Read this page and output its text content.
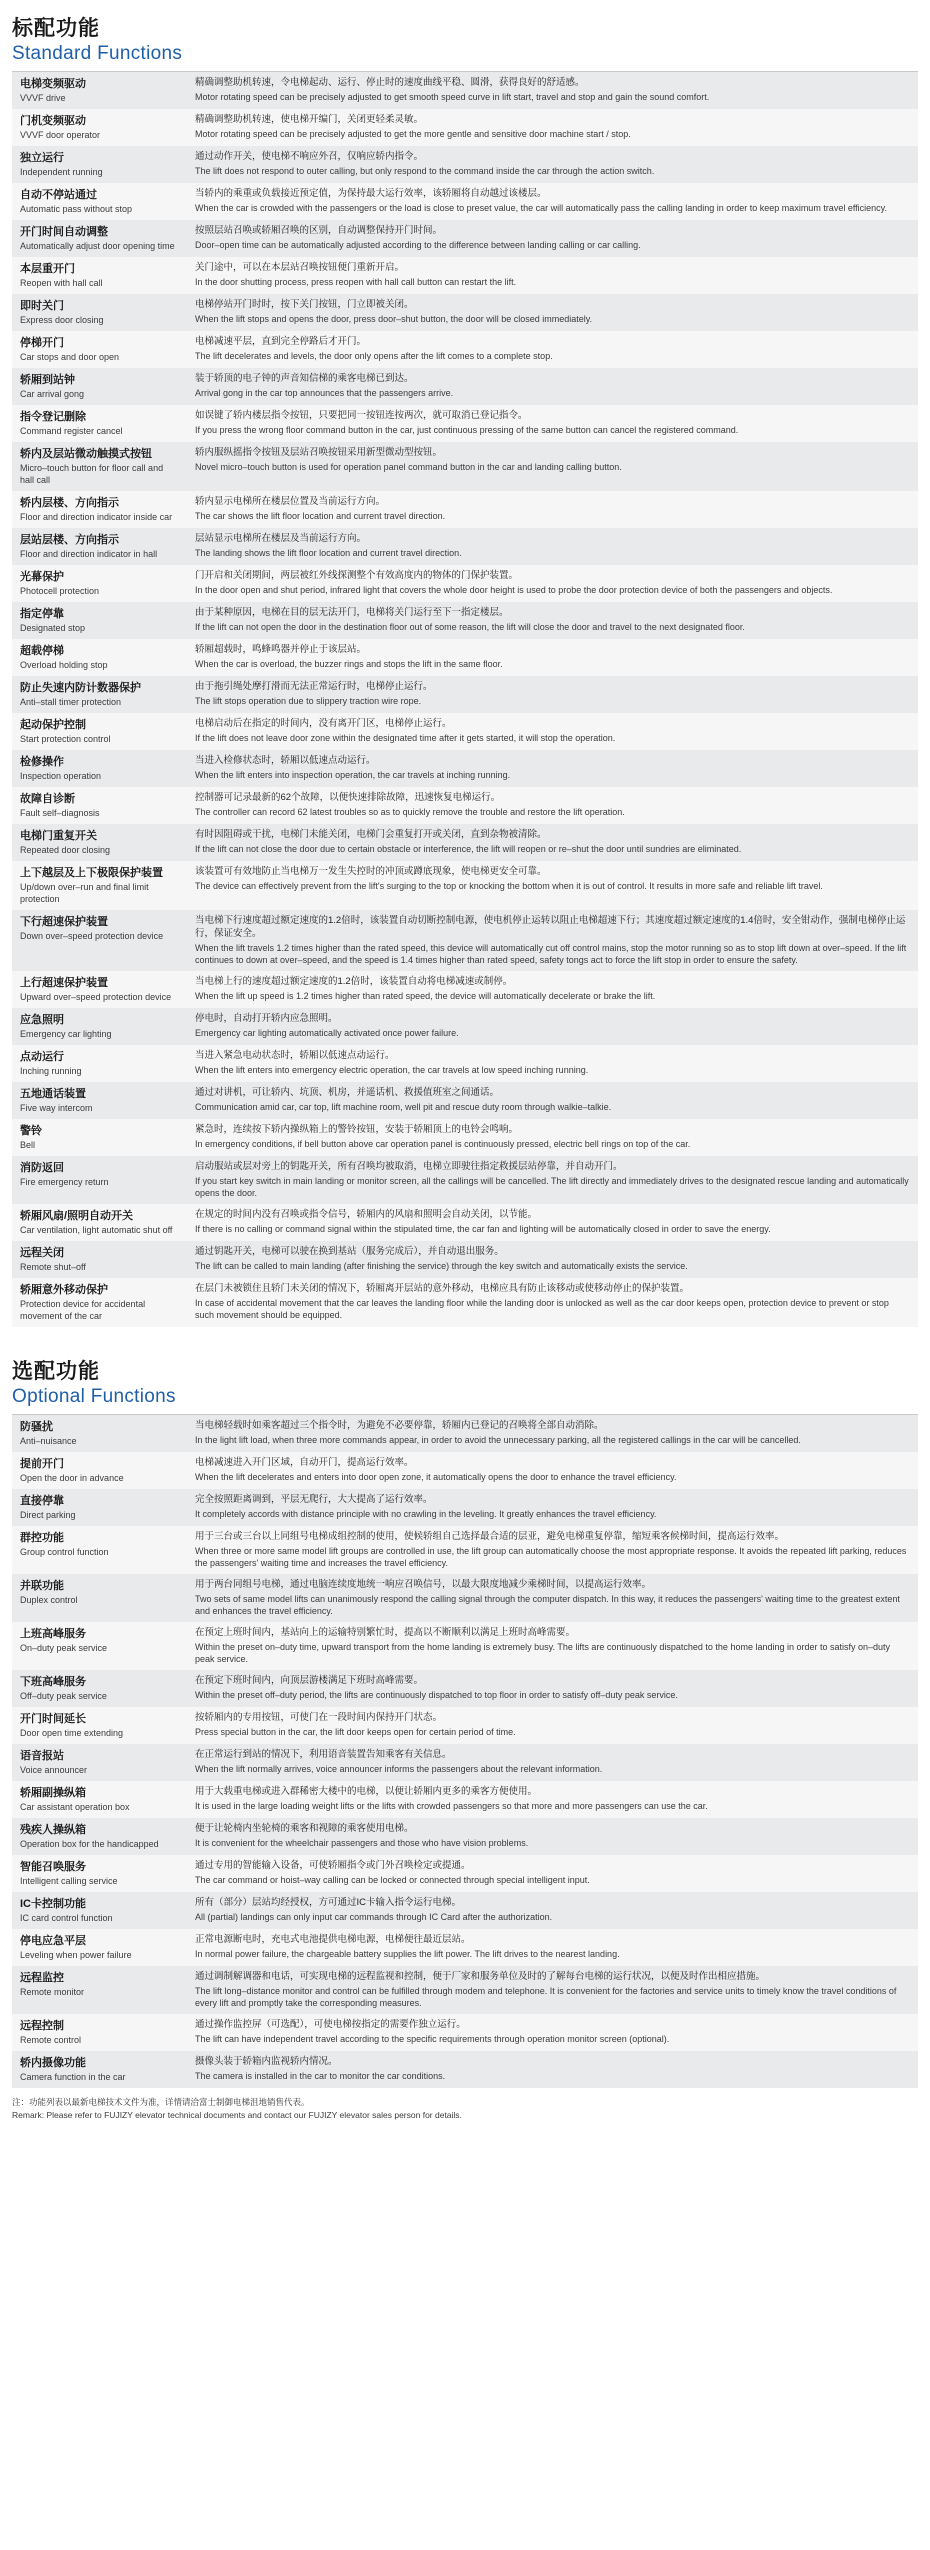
标配功能
Standard Functions
电梯变频驱动
VVVF drive	精确调整助机转速，令电梯起动、运行、停止时的速度曲线平稳、圆滑，获得良好的舒适感。
Motor rotating speed can be precisely adjusted to get smooth speed curve in lift start, travel and stop and gain the sound comfort.

门机变频驱动
VVVF door operator	精确调整助机转速，使电梯开编门，关闭更轻柔灵敏。
Motor rotating speed can be precisely adjusted to get the more gentle and sensitive door machine start / stop.

独立运行
Independent running	通过动作开关，使电梯不响应外召，仅响应轿内指令。
The lift does not respond to outer calling, but only respond to the command inside the car through the action switch.

自动不停站通过
Automatic pass without stop	当轿内的乘重或负载接近预定值，为保持最大运行效率，该轿厢将自动越过该楼层。
When the car is crowded with the passengers or the load is close to preset value, the car will automatically pass the calling landing in order to keep maximum travel efficiency.

开门时间自动调整
Automatically adjust door opening time	按照层站召唤或轿厢召唤的区别，自动调整保持开门时间。
Door–open time can be automatically adjusted according to the difference between landing calling or car calling.

本层重开门
Reopen with hall call	关门途中，可以在本层站召唤按钮便门重新开启。
In the door shutting process, press reopen with hall call button can restart the lift.

即时关门
Express door closing	电梯停站开门时时，按下关门按钮，门立即被关闭。
When the lift stops and opens the door, press door–shut button, the door will be closed immediately.

停梯开门
Car stops and door open	电梯减速平层，直到完全停路后才开门。
The lift decelerates and levels, the door only opens after the lift comes to a complete stop.

轿厢到站钟
Car arrival gong	装于轿顶的电子钟的声音知信梯的乘客电梯已到达。
Arrival gong in the car top announces that the passengers arrive.

指令登记删除
Command register cancel	如误键了轿内楼层指令按钮，只要把同一按钮连按两次，就可取消已登记指令。
If you press the wrong floor command button in the car, just continuous pressing of the same button can cancel the registered command.

轿内及层站微动触摸式按钮
Micro–touch button for floor call and hall call	轿内服纵摇指令按钮及层站召唤按钮采用新型微动型按钮。
Novel micro–touch button is used for operation panel command button in the car and landing calling button.

轿内层楼、方向指示
Floor and direction indicator inside car	轿内显示电梯所在楼层位置及当前运行方向。
The car shows the lift floor location and current travel direction.

层站层楼、方向指示
Floor and direction indicator in hall	层站显示电梯所在楼层及当前运行方向。
The landing shows the lift floor location and current travel direction.

光幕保护
Photocell protection	门开启和关闭期间，两层被红外线探测整个有效高度内的物体的门保护装置。
In the door open and shut period, infrared light that covers the whole door height is used to probe the door protection device of both the passengers and objects.

指定停靠
Designated stop	由于某种原因，电梯在目的层无法开门，电梯将关门运行至下一指定楼层。
If the lift can not open the door in the destination floor out of some reason, the lift will close the door and travel to the next designated floor.

超载停梯
Overload holding stop	轿厢超载时，鸣蜂鸣器并停止于该层站。
When the car is overload, the buzzer rings and stops the lift in the same floor.

防止失速内防计数器保护
Anti–stall timer protection	由于拖引绳处摩打滑而无法正常运行时，电梯停止运行。
The lift stops operation due to slippery traction wire rope.

起动保护控制
Start protection control	电梯启动后在指定的时间内，没有离开门区，电梯停止运行。
If the lift does not leave door zone within the designated time after it gets started, it will stop the operation.

检修操作
Inspection operation	当进入检修状态时，轿厢以低速点动运行。
When the lift enters into inspection operation, the car travels at inching running.

故障自诊断
Fault self–diagnosis	控制器可记录最新的62个故障，以便快速排除故障，迅速恢复电梯运行。
The controller can record 62 latest troubles so as to quickly remove the trouble and restore the lift operation.

电梯门重复开关
Repeated door closing	有时因阻碍或干扰，电梯门未能关闭，电梯门会重复打开或关闭，直到杂物被清除。
If the lift can not close the door due to certain obstacle or interference, the lift will reopen or re–shut the door until sundries are eliminated.

上下越层及上下极限保护装置
Up/down over–run and final limit protection	该装置可有效地防止当电梯万一发生失控时的冲顶或蹲底现象，使电梯更安全可靠。
The device can effectively prevent from the lift's surging to the top or knocking the bottom when it is out of control. It results in more safe and reliable lift travel.

下行超速保护装置
Down over–speed protection device	当电梯下行速度超过额定速度的1.2倍时，该装置自动切断控制电源，使电机停止运转以阻止电梯超速下行；其速度超过额定速度的1.4倍时，安全钳动作，强制电梯停止运行，保证安全。
When the lift travels 1.2 times higher than the rated speed, this device will automatically cut off control mains, stop the motor running so as to stop lift down at over–speed. If the lift continues to down at over–speed, and the speed is 1.4 times higher than rated speed, safety tongs act to force the lift stop in order to ensure the safety.

上行超速保护装置
Upward over–speed protection device	当电梯上行的速度超过额定速度的1.2倍时，该装置自动将电梯减速或制停。
When the lift up speed is 1.2 times higher than rated speed, the device will automatically decelerate or brake the lift.

应急照明
Emergency car lighting	停电时，自动打开轿内应急照明。
Emergency car lighting automatically activated once power failure.

点动运行
Inching running	当进入紧急电动状态时，轿厢以低速点动运行。
When the lift enters into emergency electric operation, the car travels at low speed inching running.

五地通话装置
Five way intercom	通过对讲机，可让轿内、坑顶、机房，并遥话机、救援值班室之间通话。
Communication amid car, car top, lift machine room, well pit and rescue duty room through walkie–talkie.

警铃
Bell	紧急时，连续按下轿内操纵箱上的警铃按钮，安装于轿厢顶上的电铃会鸣响。
In emergency conditions, if bell button above car operation panel is continuously pressed, electric bell rings on top of the car.

消防返回
Fire emergency return	启动服站或层对旁上的钥匙开关，所有召唤均被取消，电梯立即驶往指定救援层站停靠，并自动开门。
If you start key switch in main landing or monitor screen, all the callings will be cancelled. The lift directly and immediately drives to the designated rescue landing and automatically opens the door.

轿厢风扇/照明自动开关
Car ventilation, light automatic shut off	在规定的时间内没有召唤或指令信号，轿厢内的风扇和照明会自动关闭，以节能。
If there is no calling or command signal within the stipulated time, the car fan and lighting will be automatically closed in order to save the energy.

远程关闭
Remote shut–off	通过钥匙开关，电梯可以驶在换到基站（服务完成后），并自动退出服务。
The lift can be called to main landing (after finishing the service) through the key switch and automatically exists the service.

轿厢意外移动保护
Protection device for accidental movement of the car	在层门未被锁住且轿门未关闭的情况下，轿厢离开层站的意外移动，电梯应具有防止该移动或使移动停止的保护装置。
In case of accidental movement that the car leaves the landing floor while the landing door is unlocked as well as the car door keeps open, protection device to prevent or stop such movement should be equipped.
选配功能
Optional Functions
防骚扰
Anti–nuisance	当电梯轻载时如乘客超过三个指令时，为避免不必要停靠，轿厢内已登记的召唤将全部自动消除。
In the light lift load, when three more commands appear, in order to avoid the unnecessary parking, all the registered callings in the car will be cancelled.

提前开门
Open the door in advance	电梯减速进入开门区域，自动开门，提高运行效率。
When the lift decelerates and enters into door open zone, it automatically opens the door to enhance the travel efficiency.

直接停靠
Direct parking	完全按照距离调到，平层无爬行，大大提高了运行效率。
It completely accords with distance principle with no crawling in the leveling. It greatly enhances the travel efficiency.

群控功能
Group control function	用于三台或三台以上同组号电梯成组控制的使用，使候轿组自己选择最合适的层亚，避免电梯重复停靠，缩短乘客候梯时间，提高运行效率。
When three or more same model lift groups are controlled in use, the lift group can automatically choose the most appropriate response. It avoids the repeated lift parking, reduces the passengers' waiting time and increases the travel efficiency.

并联功能
Duplex control	用于两台同组号电梯，通过电脑连续度地统一响应召唤信号，以最大限度地减少乘梯时间，以提高运行效率。
Two sets of same model lifts can unanimously respond the calling signal through the computer dispatch. In this way, it reduces the passengers' waiting time to the greatest extent and enhances the travel efficiency.

上班高峰服务
On–duty peak service	在预定上班时间内，基站向上的运输特别繁忙时，提高以不断顺利以满足上班时高峰需要。
Within the preset on–duty time, upward transport from the home landing is extremely busy. The lifts are continuously dispatched to the home landing in order to satisfy on–duty peak service.

下班高峰服务
Off–duty peak service	在预定下班时间内，向顶层游楼满足下班时高峰需要。
Within the preset off–duty period, the lifts are continuously dispatched to top floor in order to satisfy off–duty peak service.

开门时间延长
Door open time extending	按轿厢内的专用按钮，可使门在一段时间内保持开门状态。
Press special button in the car, the lift door keeps open for certain period of time.

语音报站
Voice announcer	在正常运行到站的情况下，利用语音装置告知乘客有关信息。
When the lift normally arrives, voice announcer informs the passengers about the relevant information.

轿厢副操纵箱
Car assistant operation box	用于大载重电梯或进入群稀密大楼中的电梯，以便让轿厢内更多的乘客方便使用。
It is used in the large loading weight lifts or the lifts with crowded passengers so that more and more passengers can use the car.

残疾人操纵箱
Operation box for the handicapped	便于让轮椅内坐轮椅的乘客和视障的乘客使用电梯。
It is convenient for the wheelchair passengers and those who have vision problems.

智能召唤服务
Intelligent calling service	通过专用的智能输入设备，可使轿厢指令或门外召唤检定或提通。
The car command or hoist–way calling can be locked or connected through special intelligent input.

IC卡控制功能
IC card control function	所有（部分）层站均经授权，方可通过IC卡输入指令运行电梯。
All (partial) landings can only input car commands through IC Card after the authorization.

停电应急平层
Leveling when power failure	正常电源断电时，充电式电池提供电梯电源，电梯便往最近层站。
In normal power failure, the chargeable battery supplies the lift power. The lift drives to the nearest landing.

远程监控
Remote monitor	通过调制解调器和电话，可实现电梯的远程监视和控制，便于厂家和服务单位及时的了解每台电梯的运行状况，以便及时作出相应措施。
The lift long–distance monitor and control can be fulfilled through modem and telephone. It is convenient for the factories and service units to timely know the travel conditions of every lift and promptly take the corresponding measures.

远程控制
Remote control	通过操作监控屏（可选配），可使电梯按指定的需要作独立运行。
The lift can have independent travel according to the specific requirements through operation monitor screen (optional).

轿内摄像功能
Camera function in the car	摄像头装于轿箱内监视轿内情况。
The camera is installed in the car to monitor the car conditions.
注：功能列表以最新电梯技术文件为准，详情请洽富士制御电梯沮地销售代表。
Remark: Please refer to FUJIZY elevator technical documents and contact our FUJIZY elevator sales person for details.
